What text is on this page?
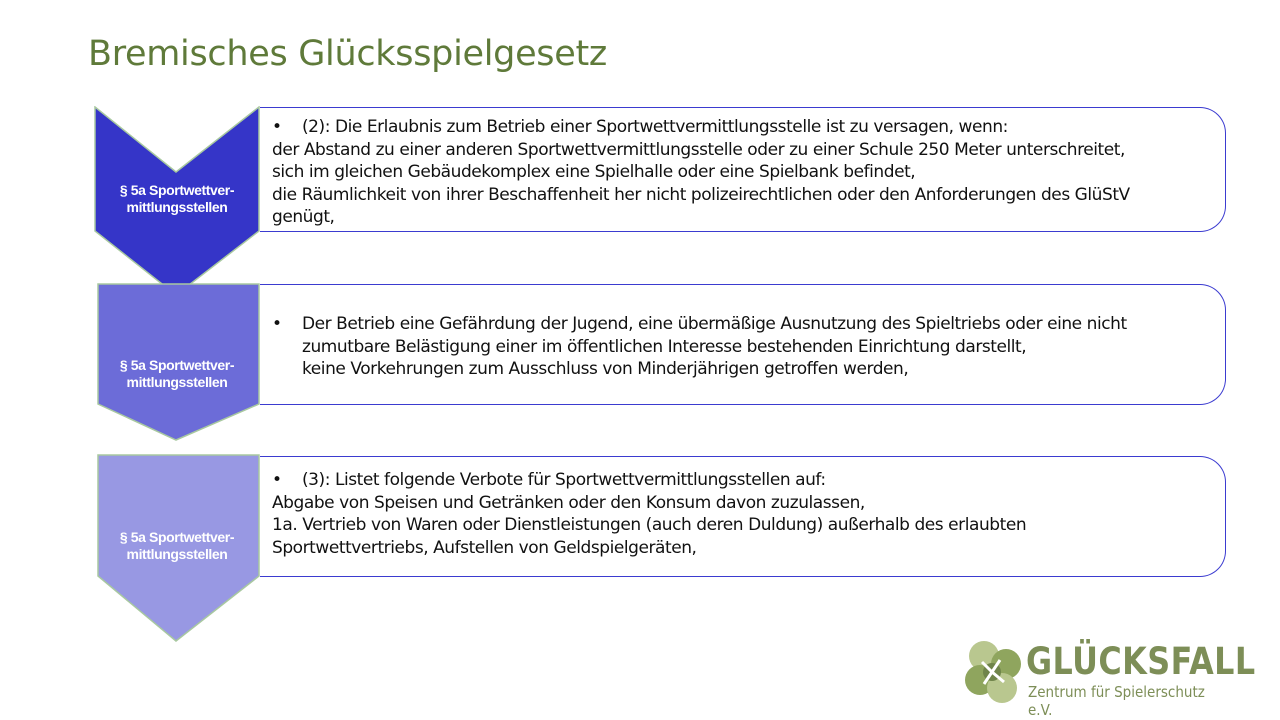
Bremisches Glücksspielgesetz
§ 5a Sportwettver-
mittlungsstellen
• (2): Die Erlaubnis zum Betrieb einer Sportwettvermittlungsstelle ist zu versagen, wenn:
der Abstand zu einer anderen Sportwettvermittlungsstelle oder zu einer Schule 250 Meter unterschreitet,
sich im gleichen Gebäudekomplex eine Spielhalle oder eine Spielbank befindet,
die Räumlichkeit von ihrer Beschaffenheit her nicht polizeirechtlichen oder den Anforderungen des GlüStV
genügt,
§ 5a Sportwettver-
mittlungsstellen
• Der Betrieb eine Gefährdung der Jugend, eine übermäßige Ausnutzung des Spieltriebs oder eine nicht
zumutbare Belästigung einer im öffentlichen Interesse bestehenden Einrichtung darstellt,
keine Vorkehrungen zum Ausschluss von Minderjährigen getroffen werden,
§ 5a Sportwettver-
mittlungsstellen
• (3): Listet folgende Verbote für Sportwettvermittlungsstellen auf:
Abgabe von Speisen und Getränken oder den Konsum davon zuzulassen,
1a. Vertrieb von Waren oder Dienstleistungen (auch deren Duldung) außerhalb des erlaubten
Sportwettvertriebs, Aufstellen von Geldspielgeräten,
GLÜCKSFALL
Zentrum für Spielerschutz e.V.
